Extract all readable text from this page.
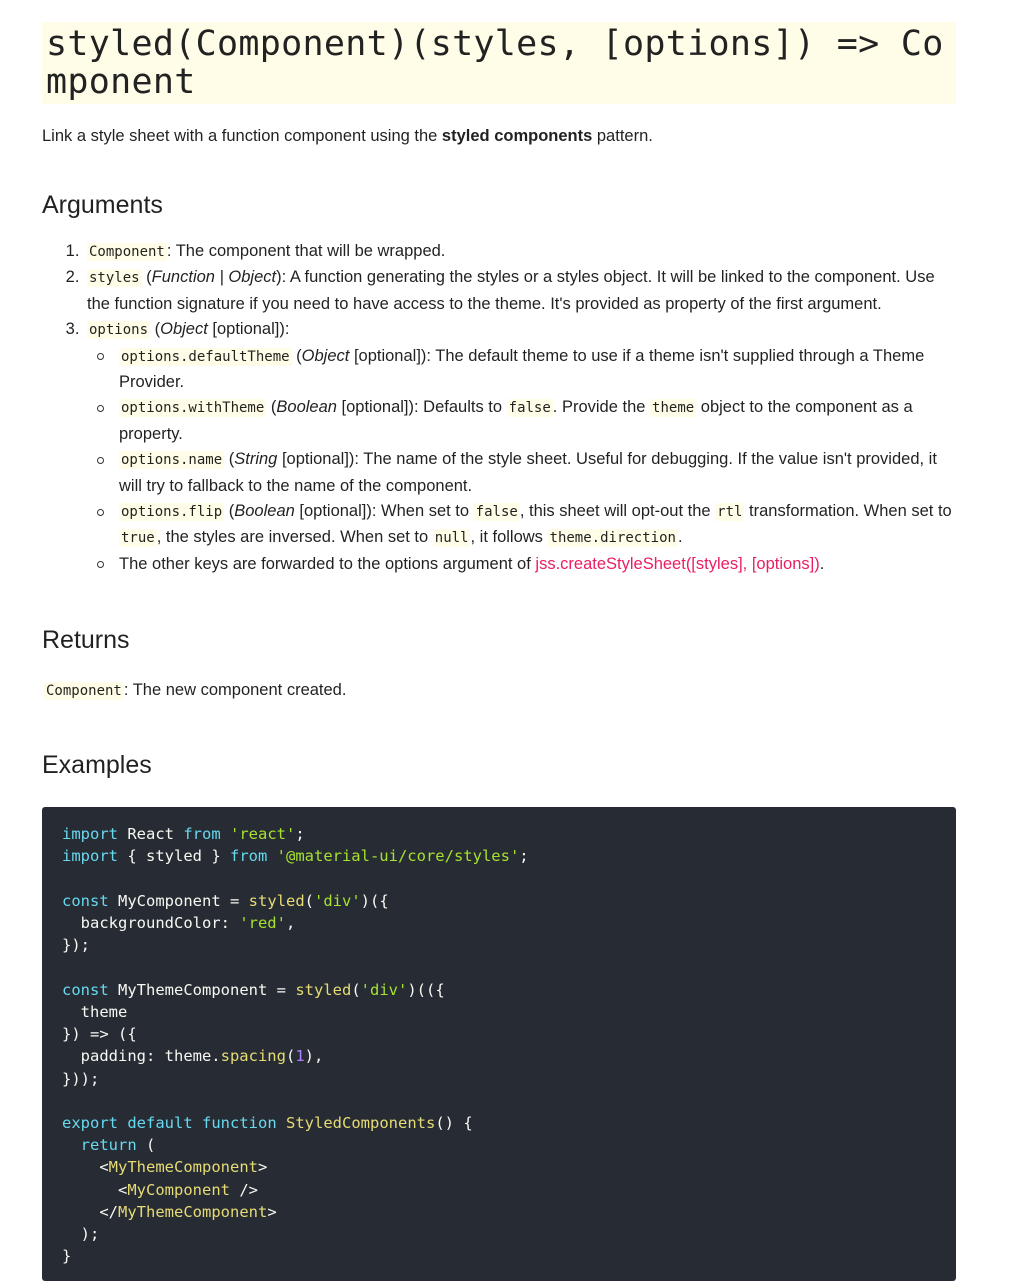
styled(Component)(styles, [options]) => Component

Link a style sheet with a function component using the styled components pattern.

Arguments
1. Component : The component that will be wrapped.
2. styles (Function | Object): A function generating the styles or a styles object. It will be linked to the component. Use the function signature if you need to have access to the theme. It's provided as property of the first argument.
3. options (Object [optional]):
options.defaultTheme (Object [optional]): The default theme to use if a theme isn't supplied through a Theme Provider.
options.withTheme (Boolean [optional]): Defaults to false . Provide the theme object to the component as a property.
options.name (String [optional]): The name of the style sheet. Useful for debugging. If the value isn't provided, it will try to fallback to the name of the component.
options.flip (Boolean [optional]): When set to false , this sheet will opt-out the rtl transformation. When set to true , the styles are inversed. When set to null , it follows theme.direction .
The other keys are forwarded to the options argument of jss.createStyleSheet([styles], [options]).
Returns

Component : The new component created.

Examples
import React from 'react';
import { styled } from '@material-ui/core/styles';

const MyComponent = styled('div')({
backgroundColor: 'red',
});

const MyThemeComponent = styled('div')(({
theme
}) => ({
padding: theme.spacing(1),
}));

export default function StyledComponents() {
return (
<MyThemeComponent>
<MyComponent />
</MyThemeComponent>
);
}
